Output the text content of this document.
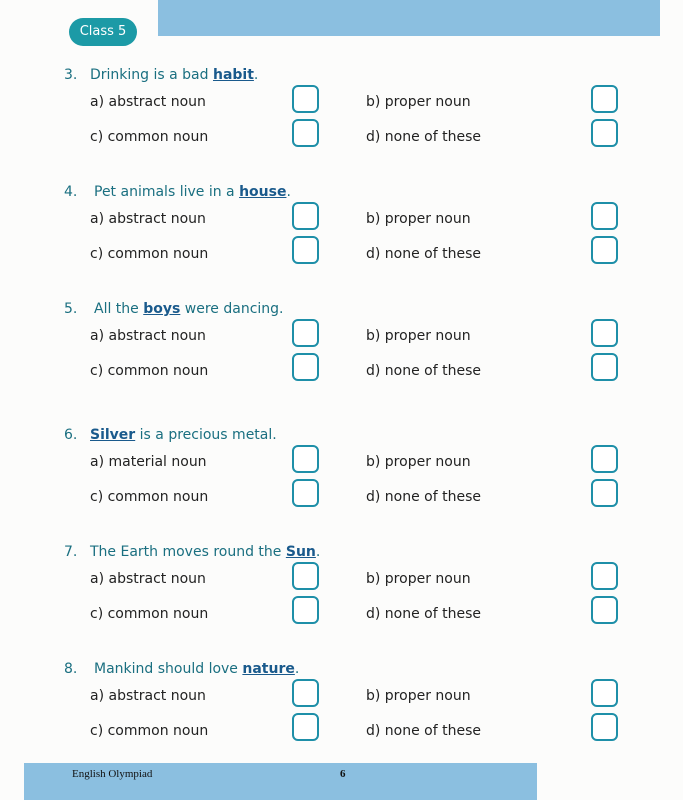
Class 5
3. Drinking is a bad habit.
a) abstract noun	b) proper noun
c) common noun	d) none of these
4. Pet animals live in a house.
a) abstract noun	b) proper noun
c) common noun	d) none of these
5. All the boys were dancing.
a) abstract noun	b) proper noun
c) common noun	d) none of these
6. Silver is a precious metal.
a) material noun	b) proper noun
c) common noun	d) none of these
7. The Earth moves round the Sun.
a) abstract noun	b) proper noun
c) common noun	d) none of these
8. Mankind should love nature.
a) abstract noun	b) proper noun
c) common noun	d) none of these
English Olympiad	6
